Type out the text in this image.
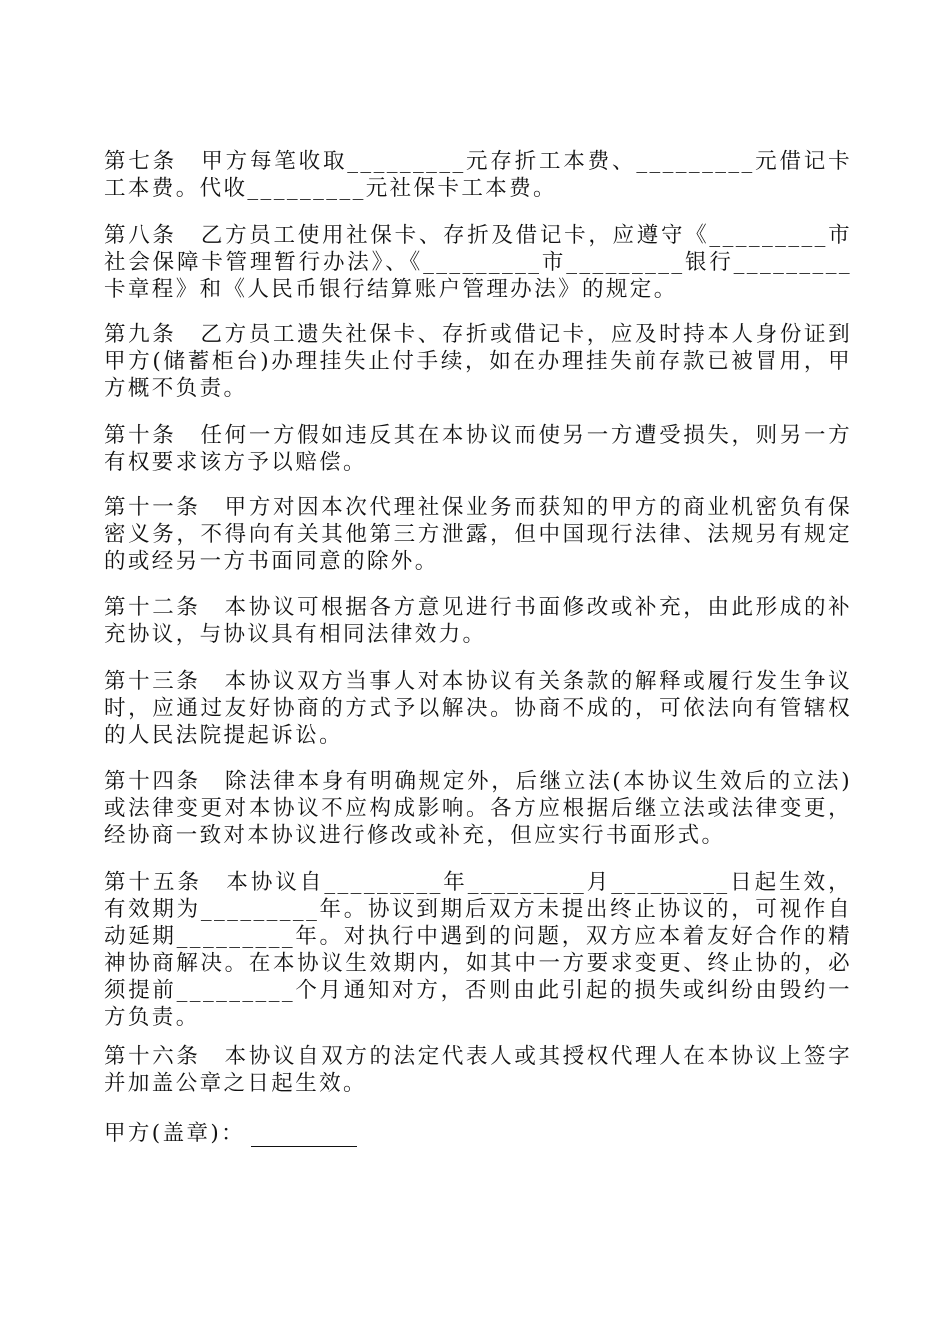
第七条　甲方每笔收取_________元存折工本费、_________元借记卡工本费。代收_________元社保卡工本费。

第八条　乙方员工使用社保卡、存折及借记卡，应遵守《_________市社会保障卡管理暂行办法》、《_________市_________银行_________卡章程》和《人民币银行结算账户管理办法》的规定。

第九条　乙方员工遗失社保卡、存折或借记卡，应及时持本人身份证到甲方(储蓄柜台)办理挂失止付手续，如在办理挂失前存款已被冒用，甲方概不负责。

第十条　任何一方假如违反其在本协议而使另一方遭受损失，则另一方有权要求该方予以赔偿。

第十一条　甲方对因本次代理社保业务而获知的甲方的商业机密负有保密义务，不得向有关其他第三方泄露，但中国现行法律、法规另有规定的或经另一方书面同意的除外。

第十二条　本协议可根据各方意见进行书面修改或补充，由此形成的补充协议，与协议具有相同法律效力。

第十三条　本协议双方当事人对本协议有关条款的解释或履行发生争议时，应通过友好协商的方式予以解决。协商不成的，可依法向有管辖权的人民法院提起诉讼。

第十四条　除法律本身有明确规定外，后继立法(本协议生效后的立法)或法律变更对本协议不应构成影响。各方应根据后继立法或法律变更，经协商一致对本协议进行修改或补充，但应实行书面形式。

第十五条　本协议自_________年_________月_________日起生效，有效期为_________年。协议到期后双方未提出终止协议的，可视作自动延期_________年。对执行中遇到的问题，双方应本着友好合作的精神协商解决。在本协议生效期内，如其中一方要求变更、终止协的，必须提前_________个月通知对方，否则由此引起的损失或纠纷由毁约一方负责。

第十六条　本协议自双方的法定代表人或其授权代理人在本协议上签字并加盖公章之日起生效。

甲方(盖章)：
